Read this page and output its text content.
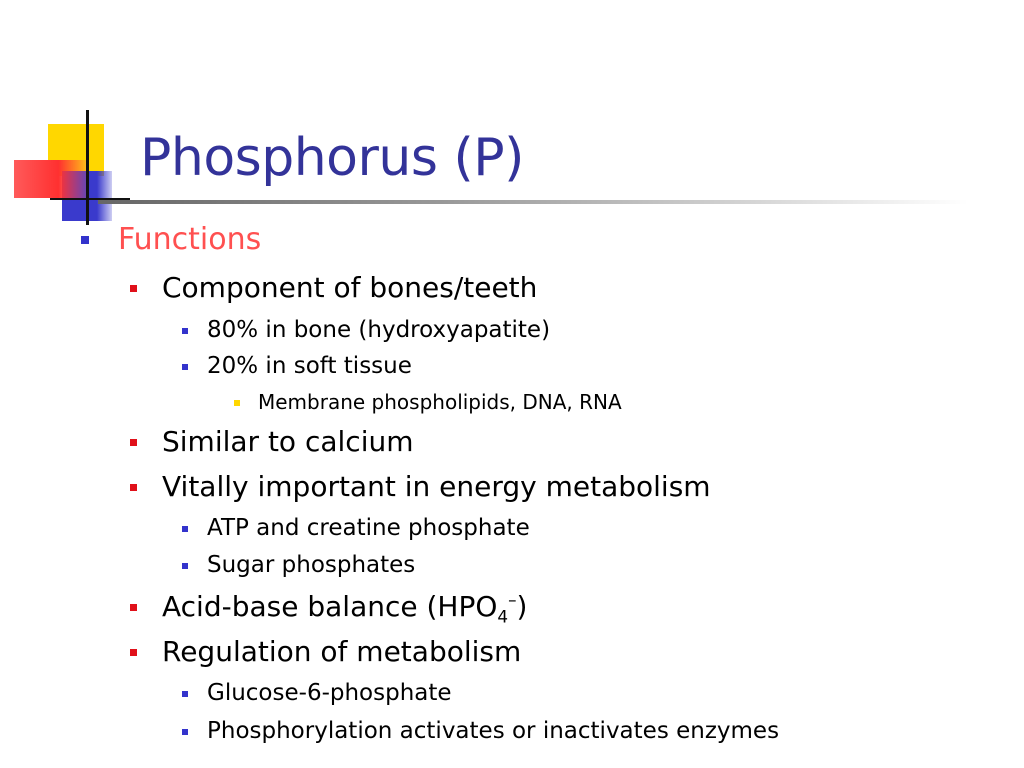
Phosphorus (P)
Functions
Component of bones/teeth
80% in bone (hydroxyapatite)
20% in soft tissue
Membrane phospholipids, DNA, RNA
Similar to calcium
Vitally important in energy metabolism
ATP and creatine phosphate
Sugar phosphates
Acid-base balance $(HPO_4^-)$
Regulation of metabolism
Glucose-6-phosphate
Phosphorylation activates or inactivates enzymes
